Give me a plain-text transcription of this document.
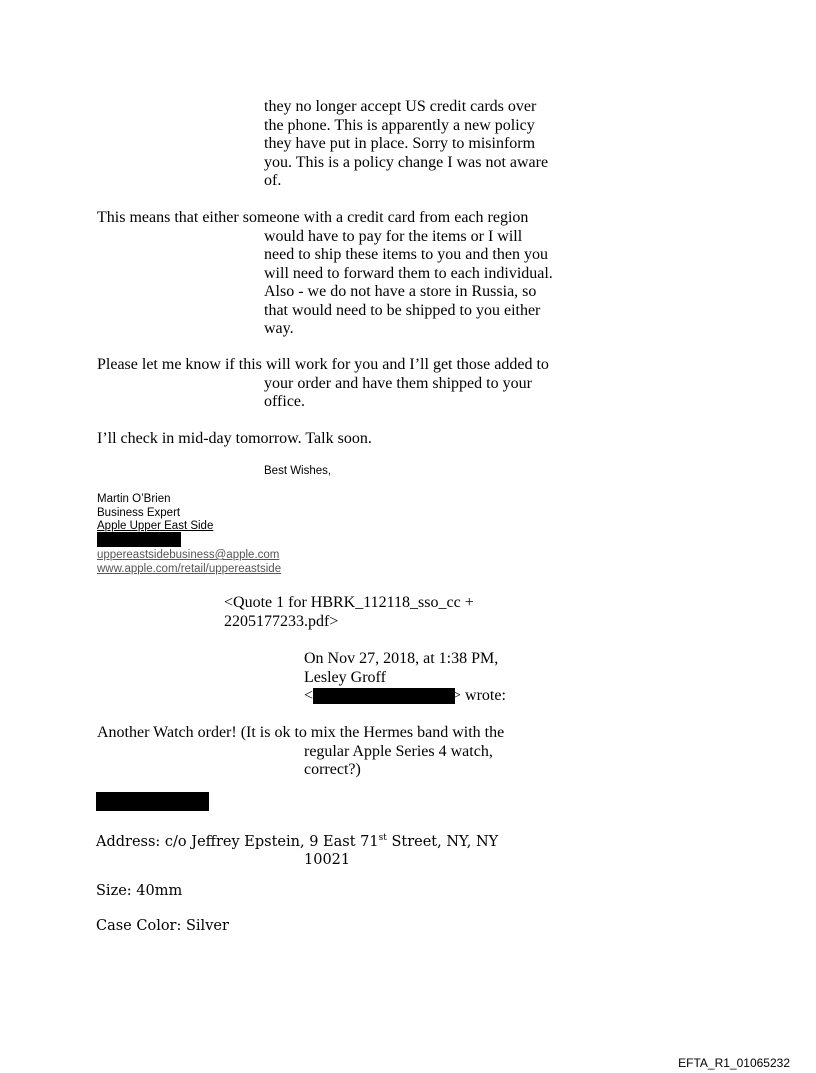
they no longer accept US credit cards over
the phone. This is apparently a new policy
they have put in place. Sorry to misinform
you. This is a policy change I was not aware
of.
This means that either someone with a credit card from each region
would have to pay for the items or I will
need to ship these items to you and then you
will need to forward them to each individual.
Also - we do not have a store in Russia, so
that would need to be shipped to you either
way.
Please let me know if this will work for you and I’ll get those added to
your order and have them shipped to your
office.
I’ll check in mid-day tomorrow. Talk soon.
Best Wishes,
Martin O’Brien
Business Expert
Apple Upper East Side
uppereastsidebusiness@apple.com
www.apple.com/retail/uppereastside
<Quote 1 for HBRK_112118_sso_cc +
2205177233.pdf>
On Nov 27, 2018, at 1:38 PM,
Lesley Groff
<	> wrote:
Another Watch order! (It is ok to mix the Hermes band with the
regular Apple Series 4 watch,
correct?)
Address: c/o Jeffrey Epstein, 9 East 71st Street, NY, NY
10021
Size: 40mm
Case Color: Silver
EFTA_R1_01065232
